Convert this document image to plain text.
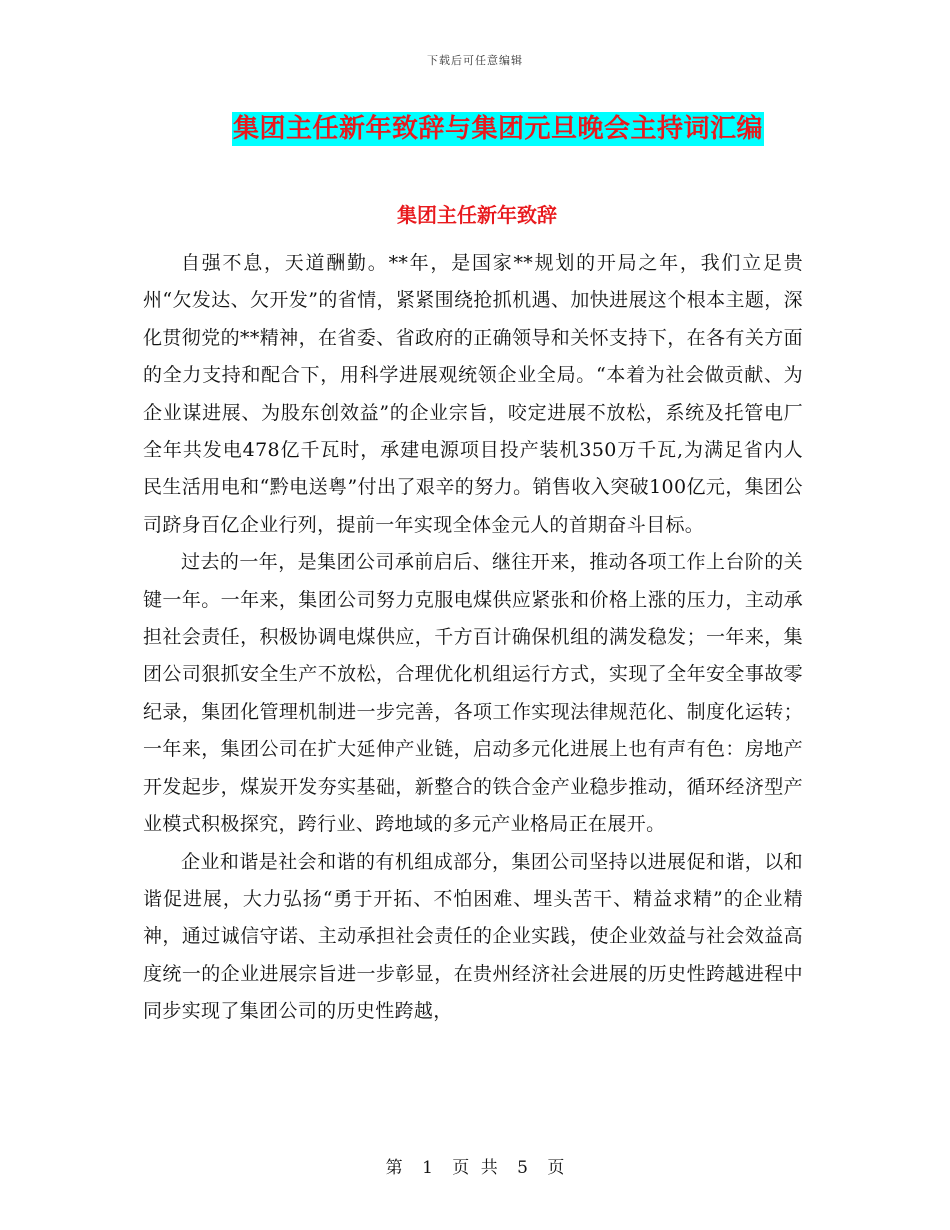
下载后可任意编辑
集团主任新年致辞与集团元旦晚会主持词汇编
集团主任新年致辞

自强不息，天道酬勤。**年，是国家**规划的开局之年，我们立足贵州“欠发达、欠开发”的省情，紧紧围绕抢抓机遇、加快进展这个根本主题，深化贯彻党的**精神，在省委、省政府的正确领导和关怀支持下，在各有关方面的全力支持和配合下，用科学进展观统领企业全局。“本着为社会做贡献、为企业谋进展、为股东创效益”的企业宗旨，咬定进展不放松，系统及托管电厂全年共发电478亿千瓦时，承建电源项目投产装机350万千瓦,为满足省内人民生活用电和“黔电送粤”付出了艰辛的努力。销售收入突破100亿元，集团公司跻身百亿企业行列，提前一年实现全体金元人的首期奋斗目标。

过去的一年，是集团公司承前启后、继往开来，推动各项工作上台阶的关键一年。一年来，集团公司努力克服电煤供应紧张和价格上涨的压力，主动承担社会责任，积极协调电煤供应，千方百计确保机组的满发稳发；一年来，集团公司狠抓安全生产不放松，合理优化机组运行方式，实现了全年安全事故零纪录，集团化管理机制进一步完善，各项工作实现法律规范化、制度化运转；一年来，集团公司在扩大延伸产业链，启动多元化进展上也有声有色：房地产开发起步，煤炭开发夯实基础，新整合的铁合金产业稳步推动，循环经济型产业模式积极探究，跨行业、跨地域的多元产业格局正在展开。

企业和谐是社会和谐的有机组成部分，集团公司坚持以进展促和谐，以和谐促进展，大力弘扬“勇于开拓、不怕困难、埋头苦干、精益求精”的企业精神，通过诚信守诺、主动承担社会责任的企业实践，使企业效益与社会效益高度统一的企业进展宗旨进一步彰显，在贵州经济社会进展的历史性跨越进程中同步实现了集团公司的历史性跨越，

第 1 页 共 5 页
